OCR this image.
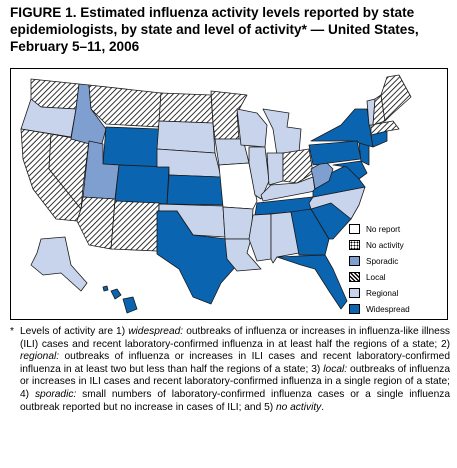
FIGURE 1. Estimated influenza activity levels reported by state epidemiologists, by state and level of activity* — United States, February 5–11, 2006
No report
No activity
Sporadic
Local
Regional
Widespread
* Levels of activity are 1) widespread: outbreaks of influenza or increases in influenza-like illness (ILI) cases and recent laboratory-confirmed influenza in at least half the regions of a state; 2) regional: outbreaks of influenza or increases in ILI cases and recent laboratory-confirmed influenza in at least two but less than half the regions of a state; 3) local: outbreaks of influenza or increases in ILI cases and recent laboratory-confirmed influenza in a single region of a state; 4) sporadic: small numbers of laboratory-confirmed influenza cases or a single influenza outbreak reported but no increase in cases of ILI; and 5) no activity.
